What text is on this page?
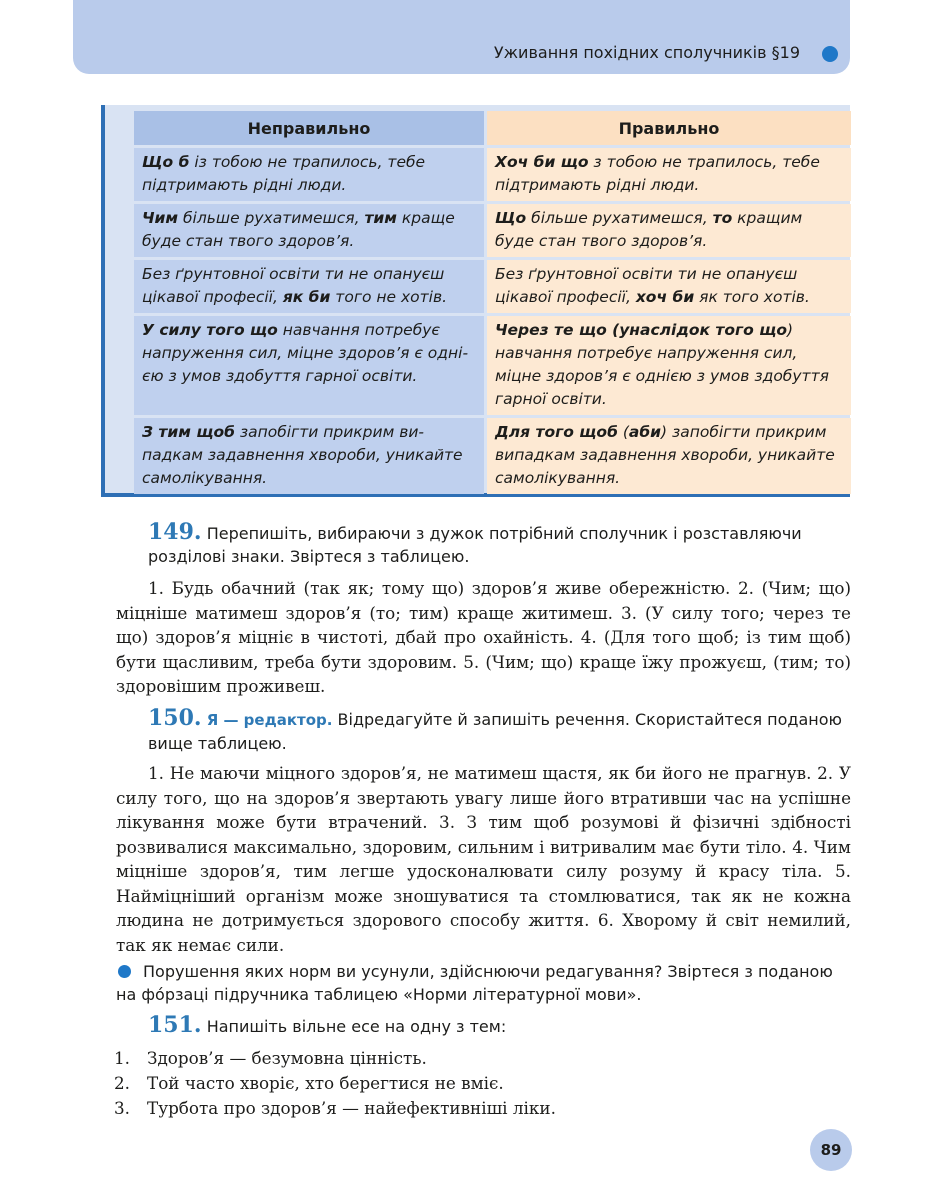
Уживання похідних сполучників §19
Неправильно	Правильно
Що б із тобою не трапилось, тебе підтримають рідні люди.	Хоч би що з тобою не трапилось, тебе підтримають рідні люди.
Чим більше рухатимешся, тим краще буде стан твого здоров’я.	Що більше рухатимешся, то кращим буде стан твого здоров’я.
Без ґрунтовної освіти ти не опануєш цікавої професії, як би того не хотів.	Без ґрунтовної освіти ти не опануєш цікавої професії, хоч би як того хотів.
У силу того що навчання потребує напруження сил, міцне здоров’я є однією з умов здобуття гарної освіти.	Через те що (унаслідок того що) навчання потребує напруження сил, міцне здоров’я є однією з умов здобуття гарної освіти.
З тим щоб запобігти прикрим випадкам задавнення хвороби, уникайте самолікування.	Для того щоб (аби) запобігти прикрим випадкам задавнення хвороби, уникайте самолікування.
149. Перепишіть, вибираючи з дужок потрібний сполучник і розставляючи розділові знаки. Звіртеся з таблицею.
1. Будь обачний (так як; тому що) здоров’я живе обережністю. 2. (Чим; що) міцніше матимеш здоров’я (то; тим) краще житимеш. 3. (У силу того; через те що) здоров’я міцніє в чистоті, дбай про охайність. 4. (Для того щоб; із тим щоб) бути щасливим, треба бути здоровим. 5. (Чим; що) краще їжу прожуєш, (тим; то) здоровішим проживеш.
150. Я — редактор. Відредагуйте й запишіть речення. Скористайтеся поданою вище таблицею.
1. Не маючи міцного здоров’я, не матимеш щастя, як би його не прагнув. 2. У силу того, що на здоров’я звертають увагу лише його втративши час на успішне лікування може бути втрачений. 3. З тим щоб розумові й фізичні здібності розвивалися максимально, здоровим, сильним і витривалим має бути тіло. 4. Чим міцніше здоров’я, тим легше удосконалювати силу розуму й красу тіла. 5. Найміцніший організм може зношуватися та стомлюватися, так як не кожна людина не дотримується здорового способу життя. 6. Хворому й світ немилий, так як немає сили.
Порушення яких норм ви усунули, здійснюючи редагування? Звіртеся з поданою на фо́рзаці підручника таблицею «Норми літературної мови».
151. Напишіть вільне есе на одну з тем:
1.	Здоров’я — безумовна цінність.
2.	Той часто хворіє, хто берегтися не вміє.
3.	Турбота про здоров’я — найефективніші ліки.
89
